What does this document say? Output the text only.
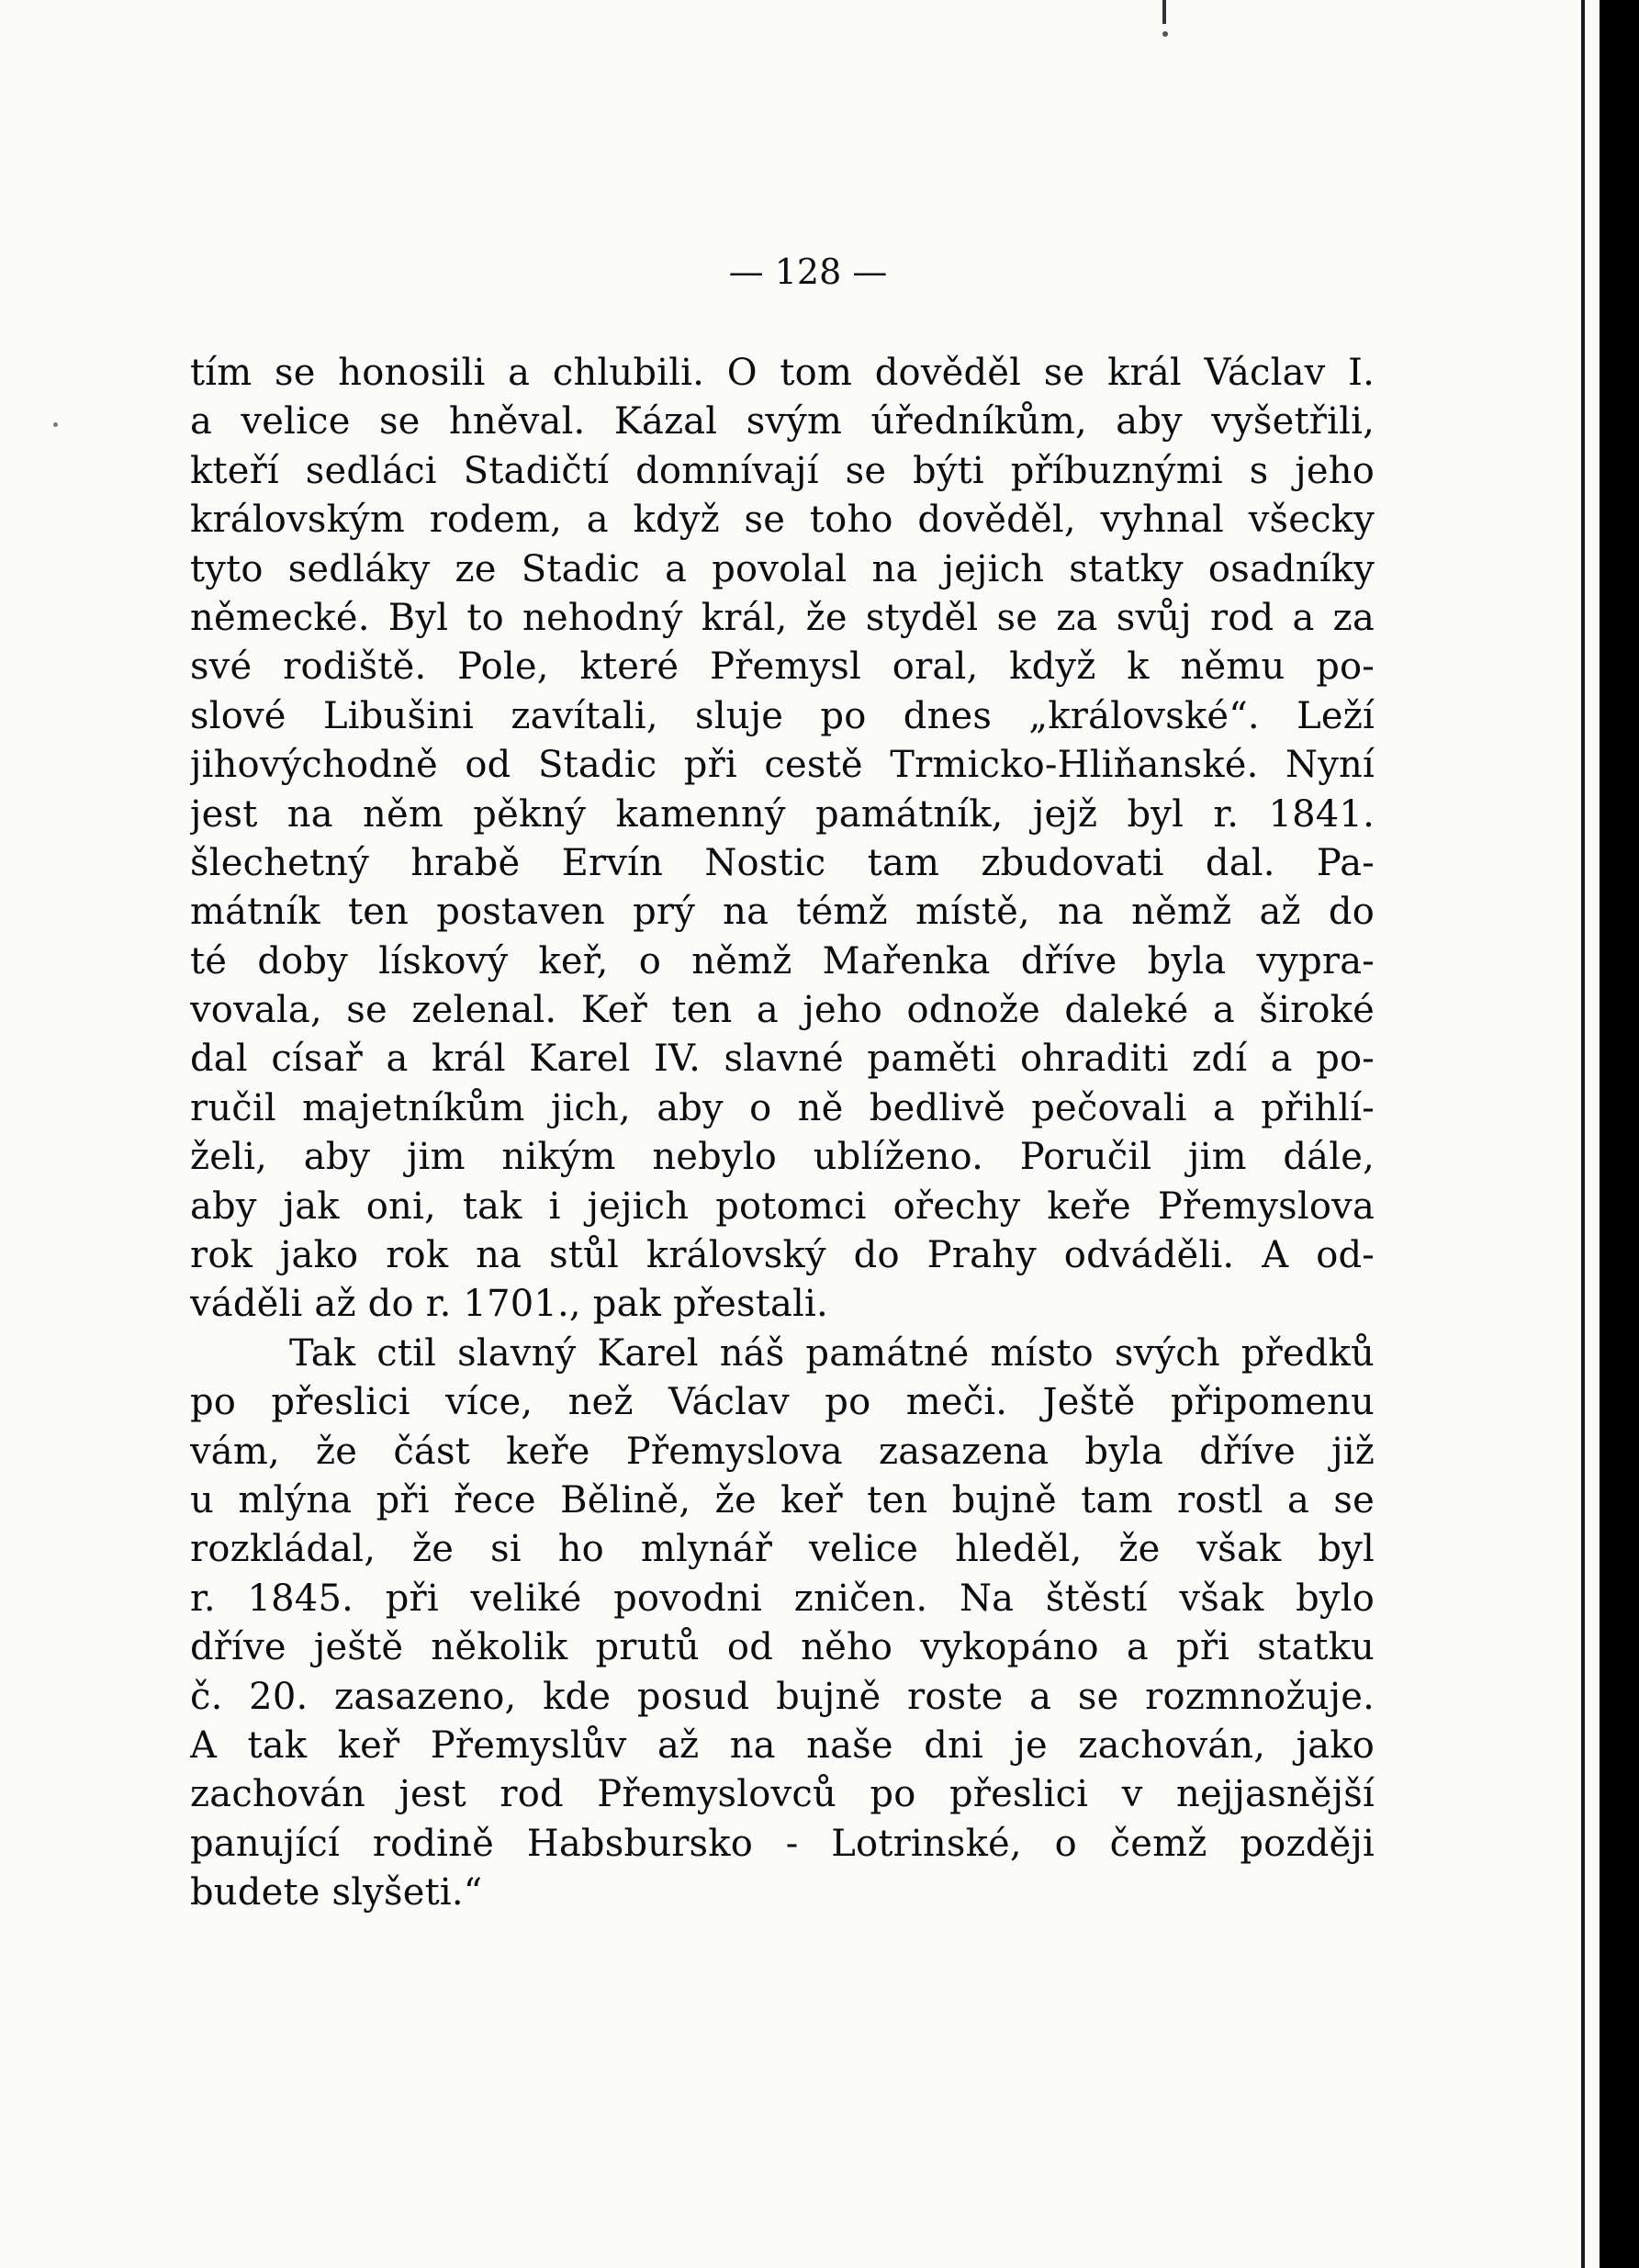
— 128 —
tím se honosili a chlubili. O tom dověděl se král Václav I.
a velice se hněval. Kázal svým úředníkům, aby vyšetřili,
kteří sedláci Stadičtí domnívají se býti příbuznými s jeho
královským rodem, a když se toho dověděl, vyhnal všecky
tyto sedláky ze Stadic a povolal na jejich statky osadníky
německé. Byl to nehodný král, že styděl se za svůj rod a za
své rodiště. Pole, které Přemysl oral, když k němu po-
slové Libušini zavítali, sluje po dnes „královské“. Leží
jihovýchodně od Stadic při cestě Trmicko-Hliňanské. Nyní
jest na něm pěkný kamenný památník, jejž byl r. 1841.
šlechetný hrabě Ervín Nostic tam zbudovati dal. Pa-
mátník ten postaven prý na témž místě, na němž až do
té doby lískový keř, o němž Mařenka dříve byla vypra-
vovala, se zelenal. Keř ten a jeho odnože daleké a široké
dal císař a král Karel IV. slavné paměti ohraditi zdí a po-
ručil majetníkům jich, aby o ně bedlivě pečovali a přihlí-
želi, aby jim nikým nebylo ublíženo. Poručil jim dále,
aby jak oni, tak i jejich potomci ořechy keře Přemyslova
rok jako rok na stůl královský do Prahy odváděli. A od-
váděli až do r. 1701., pak přestali.
Tak ctil slavný Karel náš památné místo svých předků
po přeslici více, než Václav po meči. Ještě připomenu
vám, že část keře Přemyslova zasazena byla dříve již
u mlýna při řece Bělině, že keř ten bujně tam rostl a se
rozkládal, že si ho mlynář velice hleděl, že však byl
r. 1845. při veliké povodni zničen. Na štěstí však bylo
dříve ještě několik prutů od něho vykopáno a při statku
č. 20. zasazeno, kde posud bujně roste a se rozmnožuje.
A tak keř Přemyslův až na naše dni je zachován, jako
zachován jest rod Přemyslovců po přeslici v nejjasnější
panující rodině Habsbursko - Lotrinské, o čemž později
budete slyšeti.“
